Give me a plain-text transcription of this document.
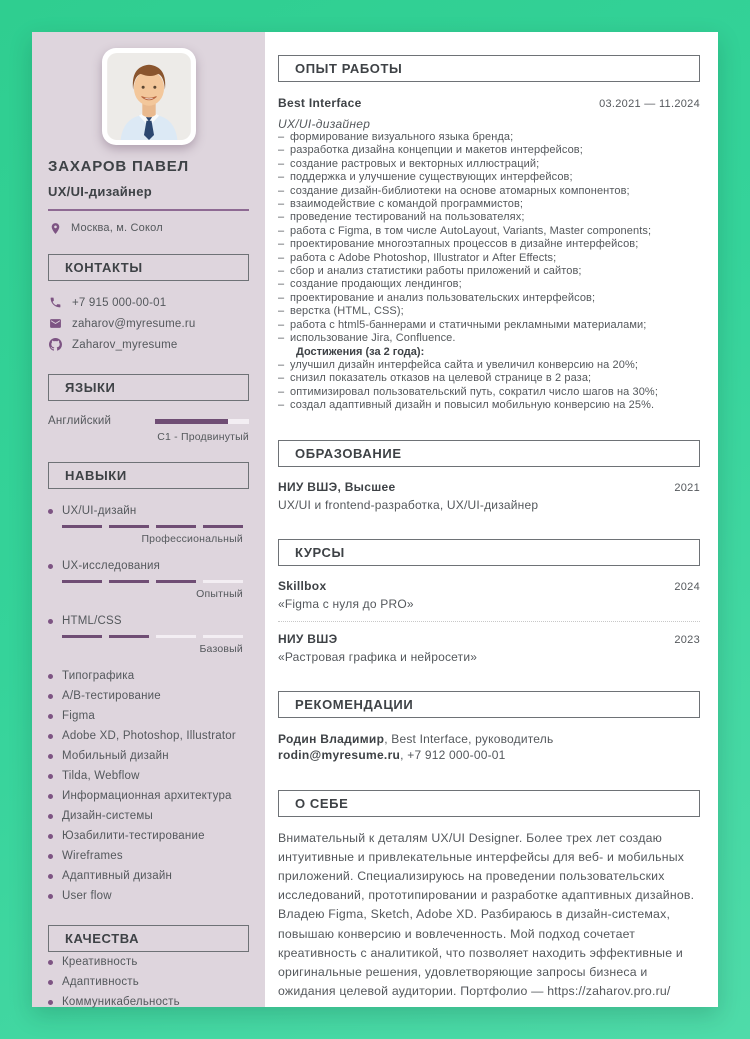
ЗАХАРОВ ПАВЕЛ
UX/UI-дизайнер
Москва, м. Сокол
КОНТАКТЫ
+7 915 000-00-01
zaharov@myresume.ru
Zaharov_myresume
ЯЗЫКИ
Английский
C1 - Продвинутый
НАВЫКИ
UX/UI-дизайн
Профессиональный
UX-исследования
Опытный
HTML/CSS
Базовый
Типографика
A/B-тестирование
Figma
Adobe XD, Photoshop, Illustrator
Мобильный дизайн
Tilda, Webflow
Информационная архитектура
Дизайн-системы
Юзабилити-тестирование
Wireframes
Адаптивный дизайн
User flow
КАЧЕСТВА
Креативность
Адаптивность
Коммуникабельность
ОПЫТ РАБОТЫ
Best Interface	03.2021 — 11.2024
UX/UI-дизайнер
– формирование визуального языка бренда;
– разработка дизайна концепции и макетов интерфейсов;
– создание растровых и векторных иллюстраций;
– поддержка и улучшение существующих интерфейсов;
– создание дизайн-библиотеки на основе атомарных компонентов;
– взаимодействие с командой программистов;
– проведение тестирований на пользователях;
– работа с Figma, в том числе AutoLayout, Variants, Master components;
– проектирование многоэтапных процессов в дизайне интерфейсов;
– работа с Adobe Photoshop, Illustrator и After Effects;
– сбор и анализ статистики работы приложений и сайтов;
– создание продающих лендингов;
– проектирование и анализ пользовательских интерфейсов;
– верстка (HTML, CSS);
– работа с html5-баннерами и статичными рекламными материалами;
– использование Jira, Confluence.
Достижения (за 2 года):
– улучшил дизайн интерфейса сайта и увеличил конверсию на 20%;
– снизил показатель отказов на целевой странице в 2 раза;
– оптимизировал пользовательский путь, сократил число шагов на 30%;
– создал адаптивный дизайн и повысил мобильную конверсию на 25%.
ОБРАЗОВАНИЕ
НИУ ВШЭ, Высшее	2021
UX/UI и frontend-разработка, UX/UI-дизайнер
КУРСЫ
Skillbox	2024
«Figma с нуля до PRO»
НИУ ВШЭ	2023
«Растровая графика и нейросети»
РЕКОМЕНДАЦИИ
Родин Владимир, Best Interface, руководитель
rodin@myresume.ru, +7 912 000-00-01
О СЕБЕ
Внимательный к деталям UX/UI Designer. Более трех лет создаю интуитивные и привлекательные интерфейсы для веб- и мобильных приложений. Специализируюсь на проведении пользовательских исследований, прототипировании и разработке адаптивных дизайнов. Владею Figma, Sketch, Adobe XD. Разбираюсь в дизайн-системах, повышаю конверсию и вовлеченность. Мой подход сочетает креативность с аналитикой, что позволяет находить эффективные и оригинальные решения, удовлетворяющие запросы бизнеса и ожидания целевой аудитории. Портфолио — https://zaharov.pro.ru/
